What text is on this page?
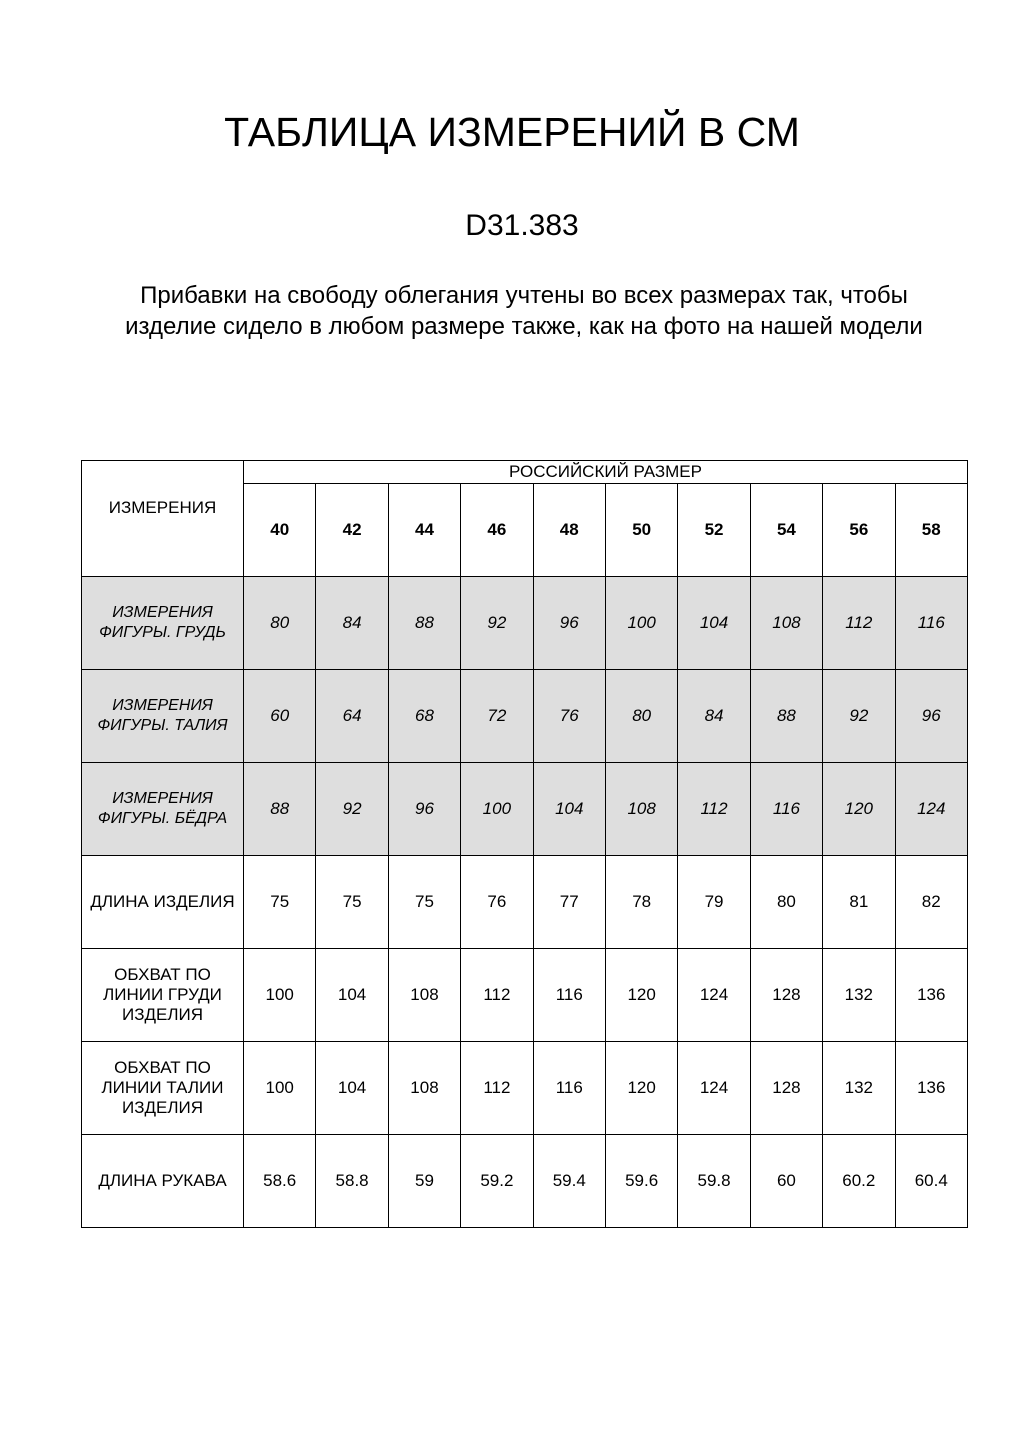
ТАБЛИЦА ИЗМЕРЕНИЙ В СМ
D31.383
Прибавки на свободу облегания учтены во всех размерах так, чтобы изделие сидело в любом размере также, как на фото на нашей модели
ИЗМЕРЕНИЯ	РОССИЙСКИЙ РАЗМЕР									
	40	42	44	46	48	50	52	54	56	58
ИЗМЕРЕНИЯ ФИГУРЫ. ГРУДЬ	80	84	88	92	96	100	104	108	112	116
ИЗМЕРЕНИЯ ФИГУРЫ. ТАЛИЯ	60	64	68	72	76	80	84	88	92	96
ИЗМЕРЕНИЯ ФИГУРЫ. БЁДРА	88	92	96	100	104	108	112	116	120	124
ДЛИНА ИЗДЕЛИЯ	75	75	75	76	77	78	79	80	81	82
ОБХВАТ ПО ЛИНИИ ГРУДИ ИЗДЕЛИЯ	100	104	108	112	116	120	124	128	132	136
ОБХВАТ ПО ЛИНИИ ТАЛИИ ИЗДЕЛИЯ	100	104	108	112	116	120	124	128	132	136
ДЛИНА РУКАВА	58.6	58.8	59	59.2	59.4	59.6	59.8	60	60.2	60.4
